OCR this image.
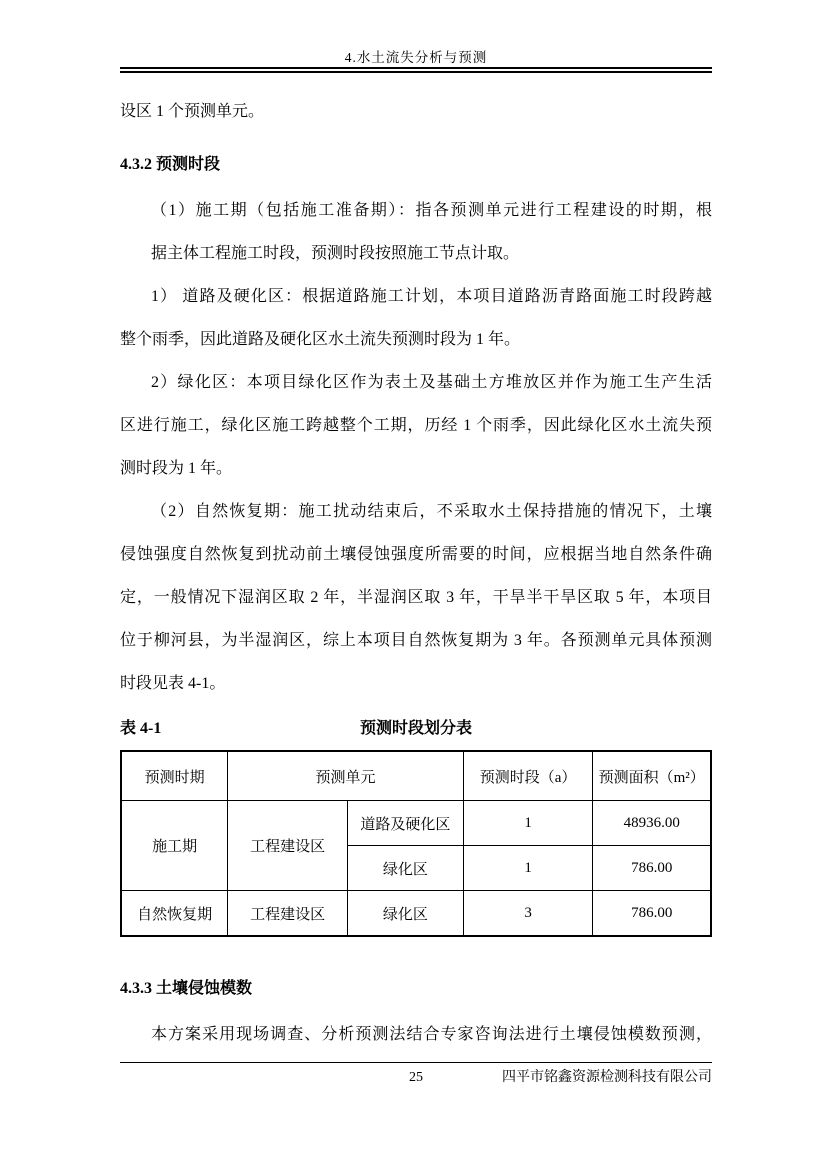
4.水土流失分析与预测
设区 1 个预测单元。
4.3.2 预测时段
（1）施工期（包括施工准备期）：指各预测单元进行工程建设的时期，根
据主体工程施工时段，预测时段按照施工节点计取。
1） 道路及硬化区：根据道路施工计划，本项目道路沥青路面施工时段跨越
整个雨季，因此道路及硬化区水土流失预测时段为 1 年。
2）绿化区：本项目绿化区作为表土及基础土方堆放区并作为施工生产生活
区进行施工，绿化区施工跨越整个工期，历经 1 个雨季，因此绿化区水土流失预
测时段为 1 年。
（2）自然恢复期：施工扰动结束后，不采取水土保持措施的情况下，土壤
侵蚀强度自然恢复到扰动前土壤侵蚀强度所需要的时间，应根据当地自然条件确
定，一般情况下湿润区取 2 年，半湿润区取 3 年，干旱半干旱区取 5 年，本项目
位于柳河县，为半湿润区，综上本项目自然恢复期为 3 年。各预测单元具体预测
时段见表 4-1。
表 4-1	预测时段划分表
预测时期	预测单元		预测时段（a）	预测面积（m²）
施工期	工程建设区	道路及硬化区	1	48936.00
		绿化区	1	786.00
自然恢复期	工程建设区	绿化区	3	786.00
4.3.3 土壤侵蚀模数
本方案采用现场调查、分析预测法结合专家咨询法进行土壤侵蚀模数预测，
25	四平市铭鑫资源检测科技有限公司
